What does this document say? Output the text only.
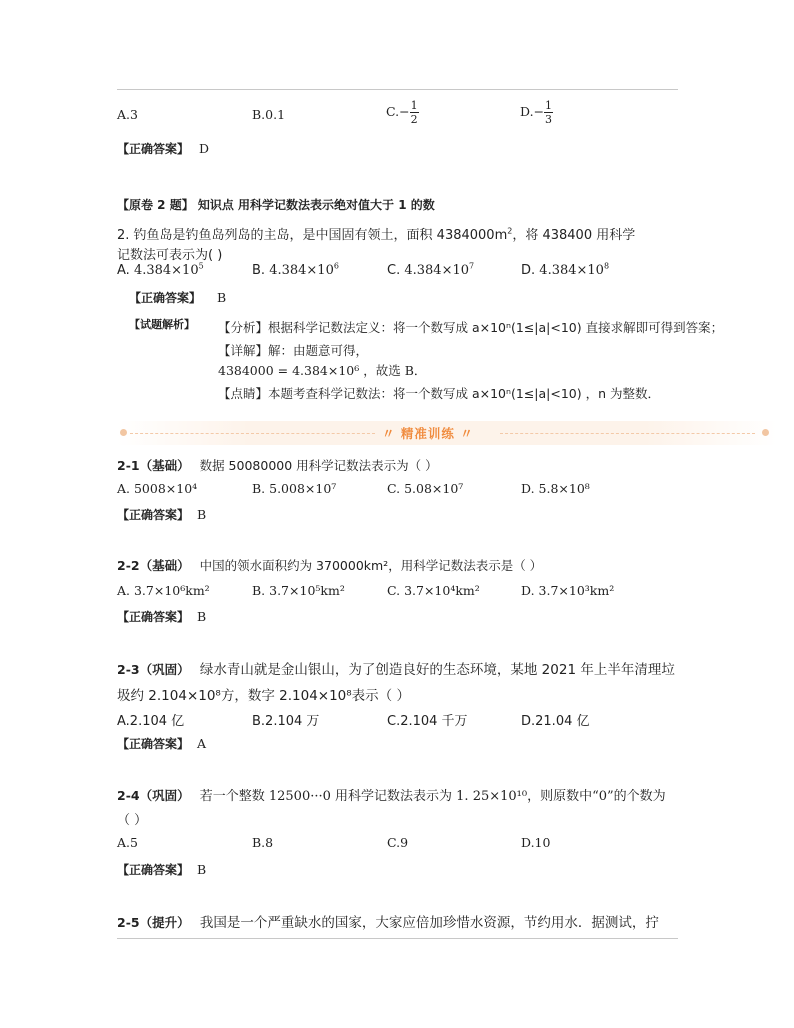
A.3	B.0.1	$C.- \frac{1}{2}$	$D.- \frac{1}{3}$
【正确答案】 D
【原卷 2 题】 知识点 用科学记数法表示绝对值大于 1 的数
2. 钓鱼岛是钓鱼岛列岛的主岛，是中国固有领土，面积 $4384000m^2$，将 438400 用科学
记数法可表示为( )
A. $4.384\times 10^5$	B. $4.384\times 10^6$	C. $4.384\times 10^7$	D. $4.384\times 10^8$
【正确答案】 B
【试题解析】 【分析】根据科学记数法定义：将一个数写成 a×10ⁿ(1≤|a|<10) 直接求解即可得到答案；
【详解】解：由题意可得，
4384000 = 4.384×10⁶ ，故选 B．
【点睛】本题考查科学记数法：将一个数写成 a×10ⁿ(1≤|a|<10) ，n 为整数．
〃 精准训练 〃
2-1（基础） 数据 50080000 用科学记数法表示为（ ）
A. 5008×10⁴	B. 5.008×10⁷	C. 5.08×10⁷	D. 5.8×10⁸
【正确答案】 B
2-2（基础） 中国的领水面积约为 370000km²，用科学记数法表示是（ ）
A. 3.7×10⁶km²	B. 3.7×10⁵km²	C. 3.7×10⁴km²	D. 3.7×10³km²
【正确答案】 B
2-3（巩固） 绿水青山就是金山银山，为了创造良好的生态环境，某地 2021 年上半年清理垃
圾约 2.104×10⁸方，数字 2.104×10⁸表示（ ）
A.2.104 亿	B.2.104 万	C.2.104 千万	D.21.04 亿
【正确答案】 A
2-4（巩固） 若一个整数 12500···0 用科学记数法表示为 1. 25×10¹⁰，则原数中“0”的个数为
（ ）
A.5	B.8	C.9	D.10
【正确答案】 B
2-5（提升） 我国是一个严重缺水的国家，大家应倍加珍惜水资源，节约用水．据测试，拧
